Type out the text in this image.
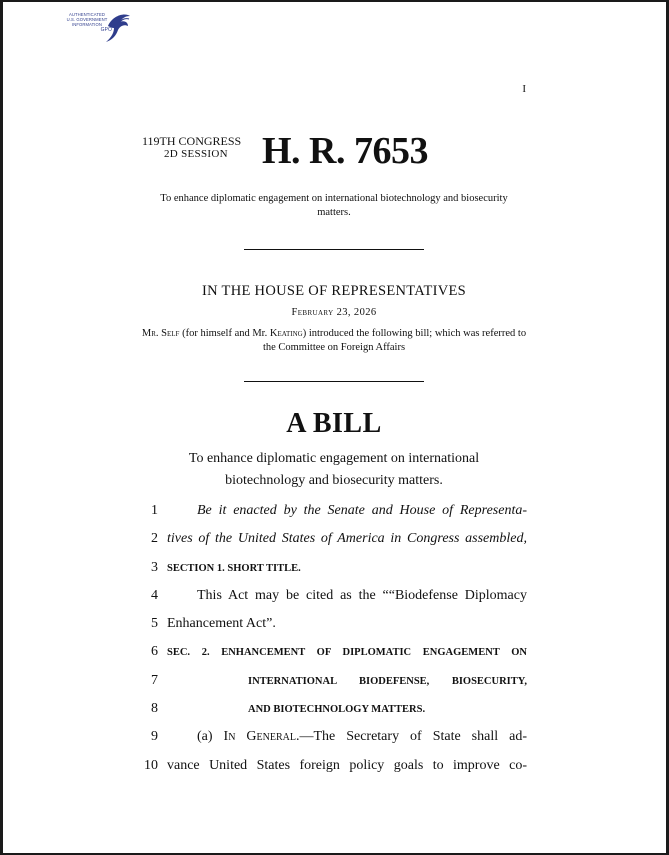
AUTHENTICATED
U.S. GOVERNMENT
INFORMATION
GPO
I
119TH CONGRESS
2D SESSION H. R. 7653
To enhance diplomatic engagement on international biotechnology and biosecurity matters.
IN THE HOUSE OF REPRESENTATIVES
February 23, 2026
Mr. Self (for himself and Mr. Keating) introduced the following bill; which was referred to the Committee on Foreign Affairs
A BILL
To enhance diplomatic engagement on international
biotechnology and biosecurity matters.
1	Be it enacted by the Senate and House of Representa-
2 tives of the United States of America in Congress assembled,
3 SECTION 1. SHORT TITLE.
4	This Act may be cited as the ““Biodefense Diplomacy
5 Enhancement Act”.
6 SEC. 2. ENHANCEMENT OF DIPLOMATIC ENGAGEMENT ON
7	INTERNATIONAL BIODEFENSE, BIOSECURITY,
8	AND BIOTECHNOLOGY MATTERS.
9	(a) In General.—The Secretary of State shall ad-
10 vance United States foreign policy goals to improve co-
